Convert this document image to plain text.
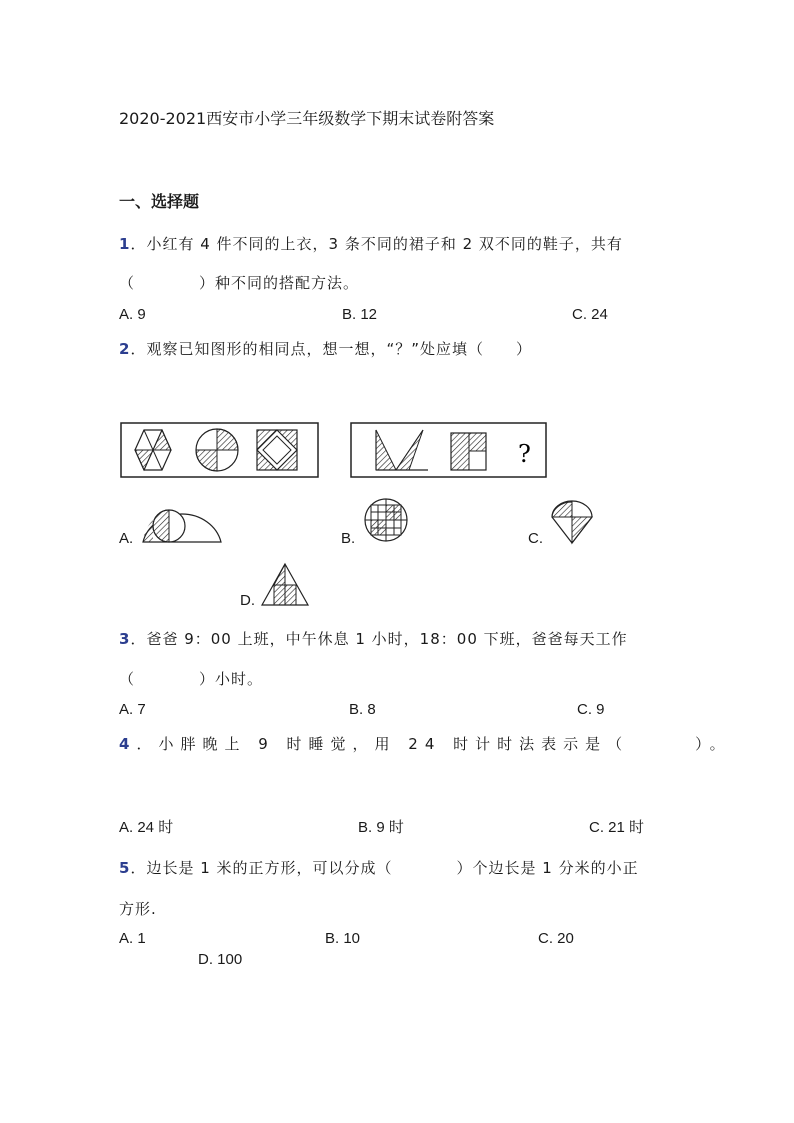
2020-2021西安市小学三年级数学下期末试卷附答案
一、选择题
1．小红有 4 件不同的上衣，3 条不同的裙子和 2 双不同的鞋子，共有
（　　　　）种不同的搭配方法。
A. 9	B. 12	C. 24
2．观察已知图形的相同点，想一想，“？”处应填（　　）
?
A.	B.	C.
D.
3．爸爸 9：00 上班，中午休息 1 小时，18：00 下班，爸爸每天工作
（　　　　）小时。
A. 7	B. 8	C. 9
4．小胖晚上 9 时睡觉，用 24 时计时法表示是（　　　）。
A. 24 时	B. 9 时	C. 21 时
5．边长是 1 米的正方形，可以分成（　　　　）个边长是 1 分米的小正
方形.
A. 1	B. 10	C. 20
D. 100
